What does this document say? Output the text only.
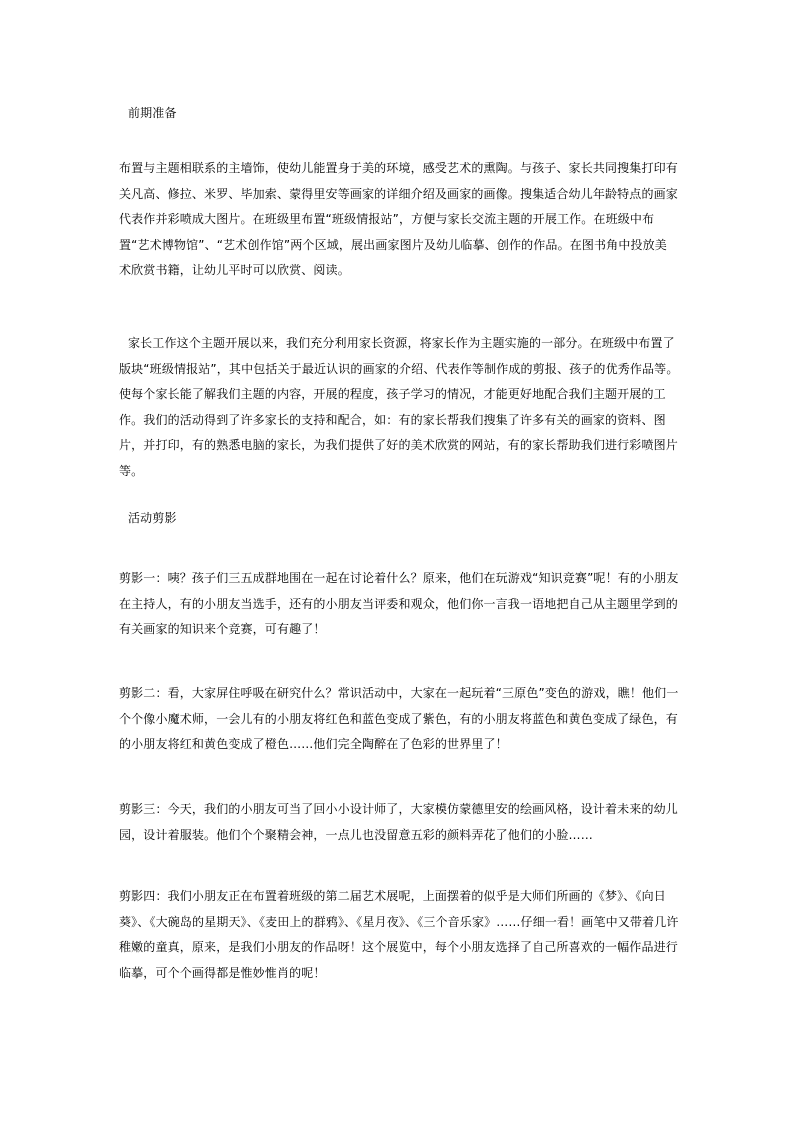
前期准备

布置与主题相联系的主墙饰，使幼儿能置身于美的环境，感受艺术的熏陶。与孩子、家长共同搜集打印有关凡高、修拉、米罗、毕加索、蒙得里安等画家的详细介绍及画家的画像。搜集适合幼儿年龄特点的画家代表作并彩喷成大图片。在班级里布置“班级情报站”，方便与家长交流主题的开展工作。在班级中布置“艺术博物馆”、“艺术创作馆”两个区域，展出画家图片及幼儿临摹、创作的作品。在图书角中投放美术欣赏书籍，让幼儿平时可以欣赏、阅读。

家长工作这个主题开展以来，我们充分利用家长资源，将家长作为主题实施的一部分。在班级中布置了版块“班级情报站”，其中包括关于最近认识的画家的介绍、代表作等制作成的剪报、孩子的优秀作品等。使每个家长能了解我们主题的内容，开展的程度，孩子学习的情况，才能更好地配合我们主题开展的工作。我们的活动得到了许多家长的支持和配合，如：有的家长帮我们搜集了许多有关的画家的资料、图片，并打印，有的熟悉电脑的家长，为我们提供了好的美术欣赏的网站，有的家长帮助我们进行彩喷图片等。

活动剪影

剪影一：咦？孩子们三五成群地围在一起在讨论着什么？原来，他们在玩游戏“知识竞赛”呢！有的小朋友在主持人，有的小朋友当选手，还有的小朋友当评委和观众，他们你一言我一语地把自己从主题里学到的有关画家的知识来个竞赛，可有趣了！

剪影二：看，大家屏住呼吸在研究什么？常识活动中，大家在一起玩着“三原色”变色的游戏，瞧！他们一个个像小魔术师，一会儿有的小朋友将红色和蓝色变成了紫色，有的小朋友将蓝色和黄色变成了绿色，有的小朋友将红和黄色变成了橙色……他们完全陶醉在了色彩的世界里了！

剪影三：今天，我们的小朋友可当了回小小设计师了，大家模仿蒙德里安的绘画风格，设计着未来的幼儿园，设计着服装。他们个个聚精会神，一点儿也没留意五彩的颜料弄花了他们的小脸……

剪影四：我们小朋友正在布置着班级的第二届艺术展呢，上面摆着的似乎是大师们所画的《梦》、《向日葵》、《大碗岛的星期天》、《麦田上的群鸦》、《星月夜》、《三个音乐家》……仔细一看！画笔中又带着几许稚嫩的童真，原来，是我们小朋友的作品呀！这个展览中，每个小朋友选择了自己所喜欢的一幅作品进行临摹，可个个画得都是惟妙惟肖的呢！
